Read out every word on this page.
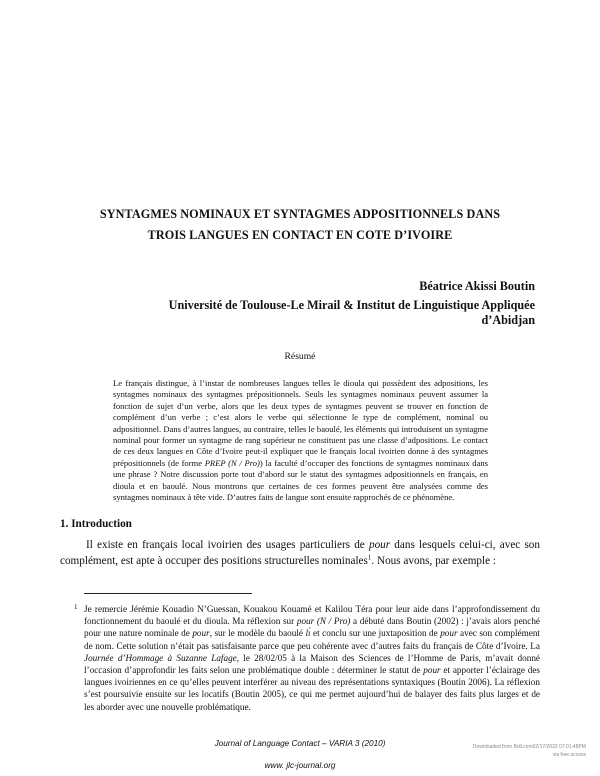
SYNTAGMES NOMINAUX ET SYNTAGMES ADPOSITIONNELS DANS
TROIS LANGUES EN CONTACT EN COTE D’IVOIRE
Béatrice Akissi Boutin
Université de Toulouse-Le Mirail & Institut de Linguistique Appliquée
d’Abidjan
Résumé

Le français distingue, à l’instar de nombreuses langues telles le dioula qui possèdent des adpositions, les syntagmes nominaux des syntagmes prépositionnels. Seuls les syntagmes nominaux peuvent assumer la fonction de sujet d’un verbe, alors que les deux types de syntagmes peuvent se trouver en fonction de complément d’un verbe ; c’est alors le verbe qui sélectionne le type de complément, nominal ou adpositionnel. Dans d’autres langues, au contraire, telles le baoulé, les éléments qui introduisent un syntagme nominal pour former un syntagme de rang supérieur ne constituent pas une classe d’adpositions. Le contact de ces deux langues en Côte d’Ivoire peut-il expliquer que le français local ivoirien donne à des syntagmes prépositionnels (de forme PREP (N / Pro)) la faculté d’occuper des fonctions de syntagmes nominaux dans une phrase ? Notre discussion porte tout d’abord sur le statut des syntagmes adpositionnels en français, en dioula et en baoulé. Nous montrons que certaines de ces formes peuvent être analysées comme des syntagmes nominaux à tête vide. D’autres faits de langue sont ensuite rapprochés de ce phénomène.

1. Introduction

Il existe en français local ivoirien des usages particuliers de pour dans lesquels celui-ci, avec son complément, est apte à occuper des positions structurelles nominales$^1$. Nous avons, par exemple :

1 Je remercie Jérémie Kouadio N’Guessan, Kouakou Kouamé et Kalilou Téra pour leur aide dans l’approfondissement du fonctionnement du baoulé et du dioula. Ma réflexion sur pour (N / Pro) a débuté dans Boutin (2002) : j’avais alors penché pour une nature nominale de pour, sur le modèle du baoulé lɩ́ et conclu sur une juxtaposition de pour avec son complément de nom. Cette solution n’était pas satisfaisante parce que peu cohérente avec d’autres faits du français de Côte d’Ivoire. La Journée d’Hommage à Suzanne Lafage, le 28/02/05 à la Maison des Sciences de l’Homme de Paris, m’avait donné l’occasion d’approfondir les faits selon une problématique double : déterminer le statut de pour et apporter l’éclairage des langues ivoiriennes en ce qu’elles peuvent interférer au niveau des représentations syntaxiques (Boutin 2006). La réflexion s’est poursuivie ensuite sur les locatifs (Boutin 2005), ce qui me permet aujourd’hui de balayer des faits plus larges et de les aborder avec une nouvelle problématique.

Journal of Language Contact – VARIA 3 (2010)
www. jlc-journal.org
Downloaded from Brill.com02/17/2022 07:01:48PM
via free access
